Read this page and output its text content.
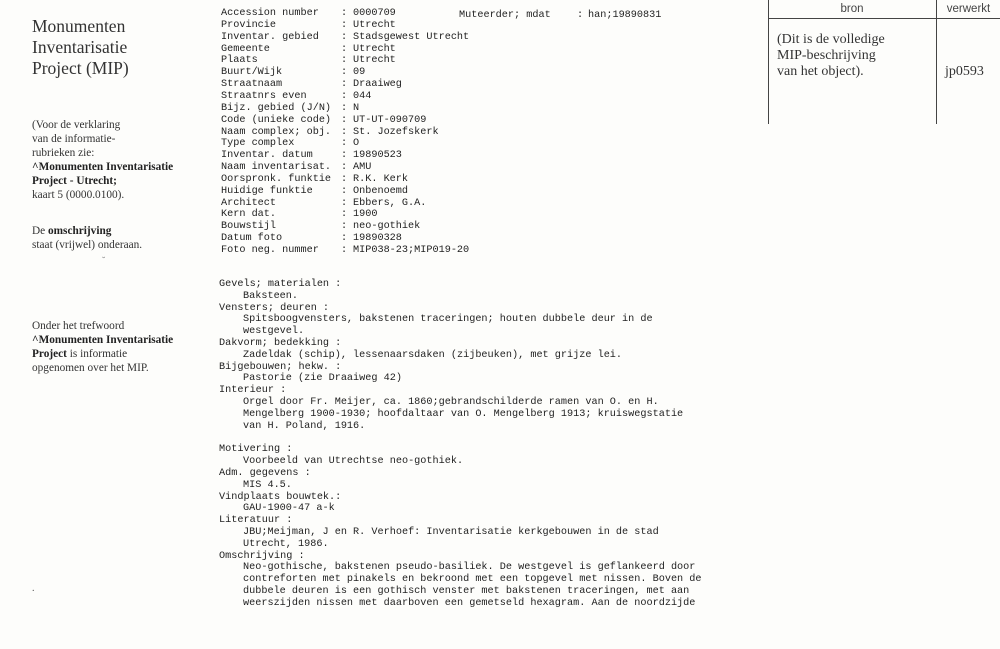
Monumenten
Inventarisatie
Project (MIP)
(Voor de verklaring
van de informatie-
rubrieken zie:
^Monumenten Inventarisatie
Project - Utrecht;
kaart 5 (0000.0100).
De omschrijving
staat (vrijwel) onderaan.
˘
Onder het trefwoord
^Monumenten Inventarisatie
Project is informatie
opgenomen over het MIP.
.
Accession number	: 0000709
Provincie	: Utrecht
Inventar. gebied	: Stadsgewest Utrecht
Gemeente	: Utrecht
Plaats	: Utrecht
Buurt/Wijk	: 09
Straatnaam	: Draaiweg
Straatnrs even	: 044
Bijz. gebied (J/N) : N
Code (unieke code) : UT-UT-090709
Naam complex; obj. : St. Jozefskerk
Type complex	: O
Inventar. datum	: 19890523
Naam inventarisat. : AMU
Oorspronk. funktie : R.K. Kerk
Huidige funktie	: Onbenoemd
Architect	: Ebbers, G.A.
Kern dat.	: 1900
Bouwstijl	: neo-gothiek
Datum foto	: 19890328
Foto neg. nummer	: MIP038-23;MIP019-20
Muteerder; mdat	: han;19890831
Gevels; materialen :
Baksteen.
Vensters; deuren :
Spitsboogvensters, bakstenen traceringen; houten dubbele deur in de
westgevel.
Dakvorm; bedekking :
Zadeldak (schip), lessenaarsdaken (zijbeuken), met grijze lei.
Bijgebouwen; hekw. :
Pastorie (zie Draaiweg 42)
Interieur :
Orgel door Fr. Meijer, ca. 1860;gebrandschilderde ramen van O. en H.
Mengelberg 1900-1930; hoofdaltaar van O. Mengelberg 1913; kruiswegstatie
van H. Poland, 1916.
Motivering :
Voorbeeld van Utrechtse neo-gothiek.
Adm. gegevens :
MIS 4.5.
Vindplaats bouwtek.:
GAU-1900-47 a-k
Literatuur :
JBU;Meijman, J en R. Verhoef: Inventarisatie kerkgebouwen in de stad
Utrecht, 1986.
Omschrijving :
Neo-gothische, bakstenen pseudo-basiliek. De westgevel is geflankeerd door
contreforten met pinakels en bekroond met een topgevel met nissen. Boven de
dubbele deuren is een gothisch venster met bakstenen traceringen, met aan
weerszijden nissen met daarboven een gemetseld hexagram. Aan de noordzijde
bron	verwerkt
(Dit is de volledige
MIP-beschrijving
van het object).	jp0593
